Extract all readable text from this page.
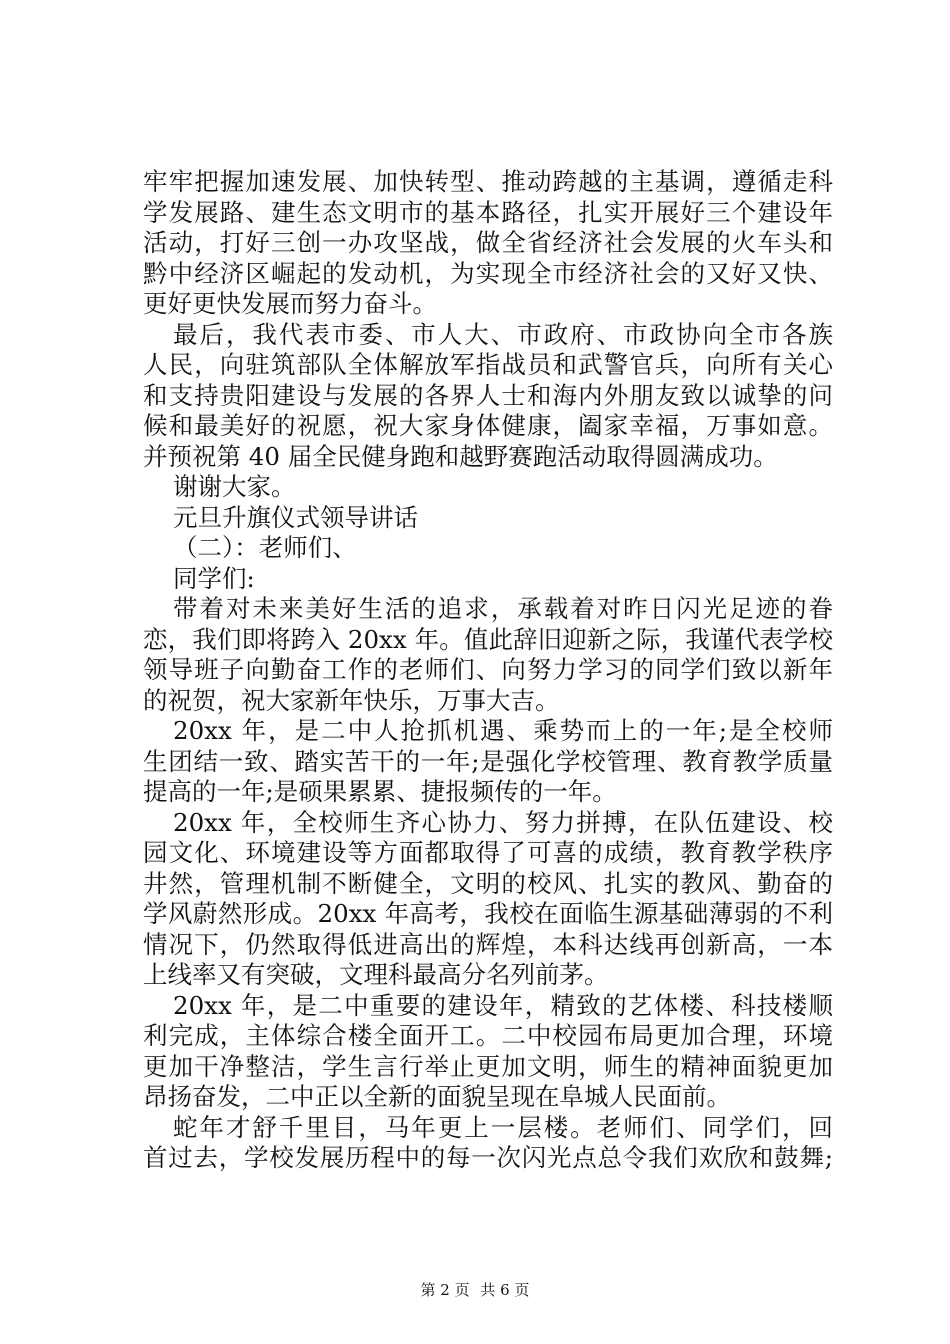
牢牢把握加速发展、加快转型、推动跨越的主基调，遵循走科
学发展路、建生态文明市的基本路径，扎实开展好三个建设年
活动，打好三创一办攻坚战，做全省经济社会发展的火车头和
黔中经济区崛起的发动机，为实现全市经济社会的又好又快、
更好更快发展而努力奋斗。
最后，我代表市委、市人大、市政府、市政协向全市各族
人民，向驻筑部队全体解放军指战员和武警官兵，向所有关心
和支持贵阳建设与发展的各界人士和海内外朋友致以诚挚的问
候和最美好的祝愿，祝大家身体健康，阖家幸福，万事如意。
并预祝第 40 届全民健身跑和越野赛跑活动取得圆满成功。
谢谢大家。
元旦升旗仪式领导讲话
（二）：老师们、
同学们:
带着对未来美好生活的追求，承载着对昨日闪光足迹的眷
恋，我们即将跨入 20xx 年。值此辞旧迎新之际，我谨代表学校
领导班子向勤奋工作的老师们、向努力学习的同学们致以新年
的祝贺，祝大家新年快乐，万事大吉。
20xx 年，是二中人抢抓机遇、乘势而上的一年;是全校师
生团结一致、踏实苦干的一年;是强化学校管理、教育教学质量
提高的一年;是硕果累累、捷报频传的一年。
20xx 年，全校师生齐心协力、努力拼搏，在队伍建设、校
园文化、环境建设等方面都取得了可喜的成绩，教育教学秩序
井然，管理机制不断健全，文明的校风、扎实的教风、勤奋的
学风蔚然形成。20xx 年高考，我校在面临生源基础薄弱的不利
情况下，仍然取得低进高出的辉煌，本科达线再创新高，一本
上线率又有突破，文理科最高分名列前茅。
20xx 年，是二中重要的建设年，精致的艺体楼、科技楼顺
利完成，主体综合楼全面开工。二中校园布局更加合理，环境
更加干净整洁，学生言行举止更加文明，师生的精神面貌更加
昂扬奋发，二中正以全新的面貌呈现在阜城人民面前。
蛇年才舒千里目，马年更上一层楼。老师们、同学们，回
首过去，学校发展历程中的每一次闪光点总令我们欢欣和鼓舞;
第 2 页 共 6 页
